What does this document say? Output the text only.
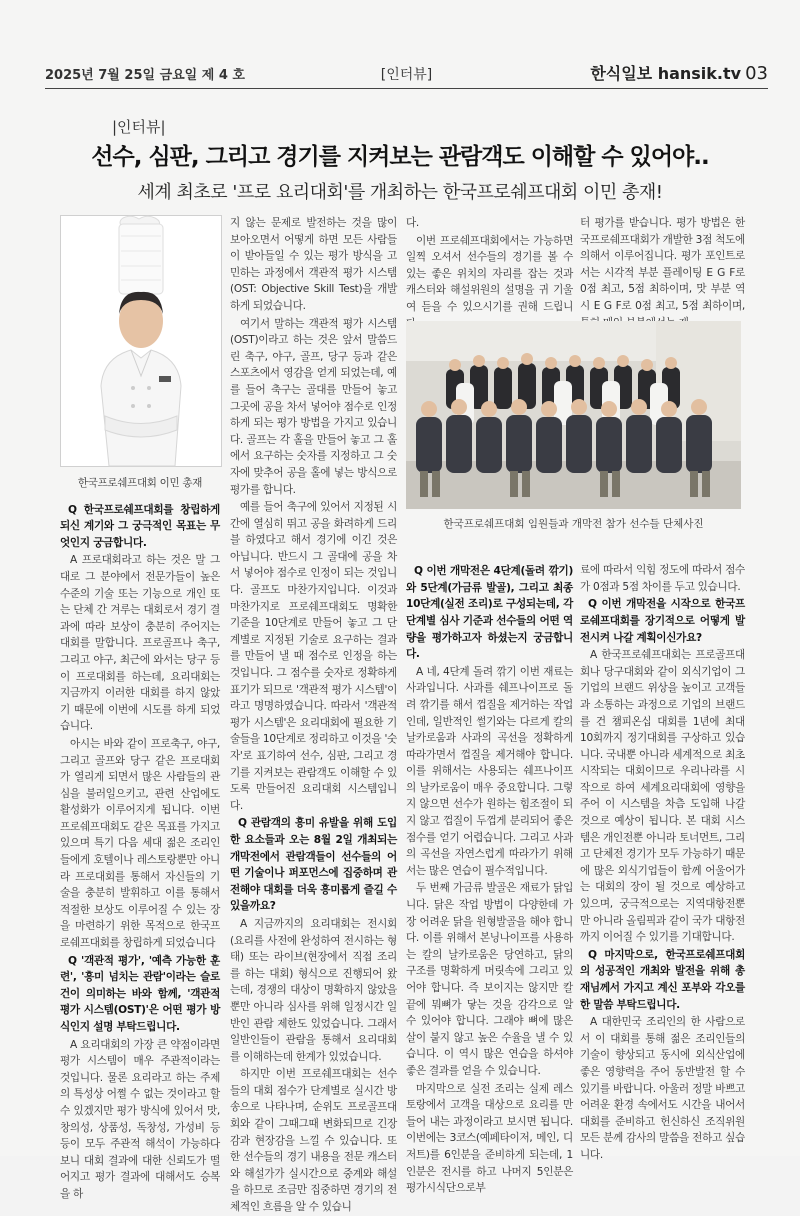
2025년 7월 25일 금요일 제 4 호	[인터뷰]	한식일보 hansik.tv 03
|인터뷰|
선수, 심판, 그리고 경기를 지켜보는 관람객도 이해할 수 있어야..
세계 최초로 '프로 요리대회'를 개최하는 한국프로쉐프대회 이민 총재!
한국프로쉐프대회 이민 총재

Q 한국프로쉐프대회를 창립하게 되신 계기와 그 궁극적인 목표는 무엇인지 궁금합니다.

A 프로대회라고 하는 것은 말 그대로 그 분야에서 전문가들이 높은 수준의 기술 또는 기능으로 개인 또는 단체 간 겨루는 대회로서 경기 결과에 따라 보상이 충분히 주어지는 대회를 말합니다. 프로골프나 축구, 그리고 야구, 최근에 와서는 당구 등이 프로대회를 하는데, 요리대회는 지금까지 이러한 대회를 하지 않았기 때문에 이번에 시도를 하게 되었습니다.

아시는 바와 같이 프로축구, 야구, 그리고 골프와 당구 같은 프로대회가 열리게 되면서 많은 사람들의 관심을 불러일으키고, 관련 산업에도 활성화가 이루어지게 됩니다. 이번 프로쉐프대회도 같은 목표를 가지고 있으며 특기 다음 세대 젊은 조리인들에게 호텔이나 레스토랑뿐만 아니라 프로대회를 통해서 자신들의 기술을 충분히 발휘하고 이를 통해서 적절한 보상도 이루어질 수 있는 장을 마련하기 위한 목적으로 한국프로쉐프대회를 창립하게 되었습니다

Q '객관적 평가', '예측 가능한 훈련', '흥미 넘치는 관람'이라는 슬로건이 의미하는 바와 함께, '객관적 평가 시스템(OST)'은 어떤 평가 방식인지 설명 부탁드립니다.

A 요리대회의 가장 큰 약점이라면 평가 시스템이 매우 주관적이라는 것입니다. 물론 요리라고 하는 주제의 특성상 어쩔 수 없는 것이라고 할 수 있겠지만 평가 방식에 있어서 맛, 창의성, 상품성, 독창성, 가성비 등등이 모두 주관적 해석이 가능하다 보니 대회 결과에 대한 신뢰도가 떨어지고 평가 결과에 대해서도 승복을 하

지 않는 문제로 발전하는 것을 많이 보아오면서 어떻게 하면 모든 사람들이 받아들일 수 있는 평가 방식을 고민하는 과정에서 객관적 평가 시스템(OST: Objective Skill Test)을 개발하게 되었습니다.

여기서 말하는 객관적 평가 시스템(OST)이라고 하는 것은 앞서 말씀드린 축구, 야구, 골프, 당구 등과 같은 스포츠에서 영감을 얻게 되었는데, 예를 들어 축구는 골대를 만들어 놓고 그곳에 공을 차서 넣어야 점수로 인정하게 되는 평가 방법을 가지고 있습니다. 골프는 각 홀을 만들어 놓고 그 홀에서 요구하는 숫자를 지정하고 그 숫자에 맞추어 공을 홀에 넣는 방식으로 평가를 합니다.

예를 들어 축구에 있어서 지정된 시간에 열심히 뛰고 공을 화려하게 드리블 하였다고 해서 경기에 이긴 것은 아닙니다. 반드시 그 골대에 공을 차서 넣어야 점수로 인정이 되는 것입니다. 골프도 마찬가지입니다. 이것과 마찬가지로 프로쉐프대회도 명확한 기준을 10단계로 만들어 놓고 그 단계별로 지정된 기술로 요구하는 결과를 만들어 낼 때 점수로 인정을 하는 것입니다. 그 점수를 숫자로 정확하게 표기가 되므로 '객관적 평가 시스템'이라고 명명하였습니다. 따라서 '객관적 평가 시스템'은 요리대회에 필요한 기술들을 10단계로 정리하고 이것을 '숫자'로 표기하여 선수, 심판, 그리고 경기를 지켜보는 관람객도 이해할 수 있도록 만들어진 요리대회 시스템입니다.

Q 관람객의 흥미 유발을 위해 도입한 요소들과 오는 8월 2일 개최되는 개막전에서 관람객들이 선수들의 어떤 기술이나 퍼포먼스에 집중하며 관전해야 대회를 더욱 흥미롭게 즐길 수 있을까요?

A 지금까지의 요리대회는 전시회(요리를 사전에 완성하여 전시하는 형태) 또는 라이브(현장에서 직접 조리를 하는 대회) 형식으로 진행되어 왔는데, 경쟁의 대상이 명확하지 않았을 뿐만 아니라 심사를 위해 일정시간 일반인 관람 제한도 있었습니다. 그래서 일반인들이 관람을 통해서 요리대회를 이해하는데 한계가 있었습니다.

하지만 이번 프로쉐프대회는 선수들의 대회 점수가 단계별로 실시간 방송으로 나타나며, 순위도 프로골프대회와 같이 그때그때 변화되므로 긴장감과 현장감을 느낄 수 있습니다. 또한 선수들의 경기 내용을 전문 캐스터와 해설가가 실시간으로 중계와 해설을 하므로 조금만 집중하면 경기의 전체적인 흐름을 알 수 있습니

다.

이번 프로쉐프대회에서는 가능하면 일찍 오셔서 선수들의 경기를 볼 수 있는 좋은 위치의 자리를 잡는 것과 캐스터와 해설위원의 설명을 귀 기울여 듣을 수 있으시기를 권해 드립니

Q 이번 개막전은 4단계(돌려 깎기)와 5단계(가금류 발골), 그리고 최종 10단계(실전 조리)로 구성되는데, 각 단계별 심사 기준과 선수들의 어떤 역량을 평가하고자 하셨는지 궁금합니다.

A 네, 4단계 돌려 깎기 이번 재료는 사과입니다. 사과를 쉐프나이프로 돌려 깎기를 해서 껍질을 제거하는 작업인데, 일반적인 썰기와는 다르게 칼의 날카로움과 사과의 곡선을 정확하게 따라가면서 껍질을 제거해야 합니다. 이를 위해서는 사용되는 쉐프나이프의 날카로움이 매우 중요합니다. 그렇지 않으면 선수가 원하는 힘조절이 되지 않고 껍질이 두껍게 분리되어 좋은 점수를 얻기 어렵습니다. 그리고 사과의 곡선을 자연스럽게 따라가기 위해서는 많은 연습이 필수적입니다.

두 번째 가금류 발골은 재료가 닭입니다. 닭은 작업 방법이 다양한데 가장 어려운 닭을 원형발골을 해야 합니다. 이를 위해서 본닝나이프를 사용하는 칼의 날카로움은 당연하고, 닭의 구조를 명확하게 머릿속에 그리고 있어야 합니다. 즉 보이지는 않지만 칼 끝에 뭐뼈가 닿는 것을 감각으로 알 수 있어야 합니다. 그래야 뼈에 많은 살이 붙지 않고 높은 수율을 낼 수 있습니다. 이 역시 많은 연습을 하셔야 좋은 결과를 얻을 수 있습니다.

마지막으로 실전 조리는 실제 레스토랑에서 고객을 대상으로 요리를 만들어 내는 과정이라고 보시면 됩니다. 이번에는 3코스(예페타이저, 메인, 디저트)를 6인분을 준비하게 되는데, 1인분은 전시를 하고 나머지 5인분은 평가시식단으로부

터 평가를 받습니다. 평가 방법은 한국프로쉐프대회가 개발한 3점 척도에 의해서 이루어집니다. 평가 포인트로서는 시각적 부분 플레이팅 E G F로 0점 최고, 5점 최하이며, 맛 부분 역시 E G F로 0점 최고, 5점 최하이며,

료에 따라서 익힘 정도에 따라서 점수가 0점과 5점 차이를 두고 있습니다.

Q 이번 개막전을 시작으로 한국프로쉐프대회를 장기적으로 어떻게 발전시켜 나갈 계획이신가요?

A 한국프로쉐프대회는 프로골프대회나 당구대회와 같이 외식기업이 그 기업의 브랜드 위상을 높이고 고객들과 소통하는 과정으로 기업의 브랜드를 건 챔피온십 대회를 1년에 최대 10회까지 정기대회를 구상하고 있습니다. 국내뿐 아니라 세계적으로 최초 시작되는 대회이므로 우리나라를 시작으로 하여 세계요리대회에 영향을 주어 이 시스템을 차츰 도입해 나갈 것으로 예상이 됩니다. 본 대회 시스템은 개인전뿐 아니라 토너먼트, 그리고 단체전 경기가 모두 가능하기 때문에 많은 외식기업들이 함께 어울어가는 대회의 장이 될 것으로 예상하고 있으며, 궁극적으로는 지역대항전뿐만 아니라 올림픽과 같이 국가 대항전까지 이어질 수 있기를 기대합니다.

Q 마지막으로, 한국프로쉐프대회의 성공적인 개최와 발전을 위해 총재님께서 가지고 계신 포부와 각오를 한 말씀 부탁드립니다.

A 대한민국 조리인의 한 사람으로서 이 대회를 통해 젊은 조리인들의 기술이 향상되고 동시에 외식산업에 좋은 영향력을 주어 동반발전 할 수 있기를 바랍니다. 아울러 정말 바쁘고 어려운 환경 속에서도 시간을 내어서 대회를 준비하고 헌신하신 조직위원 모든 분께 감사의 말씀을 전하고 싶습니다.

한국프로쉐프대회 임원들과 개막전 참가 선수들 단체사진
